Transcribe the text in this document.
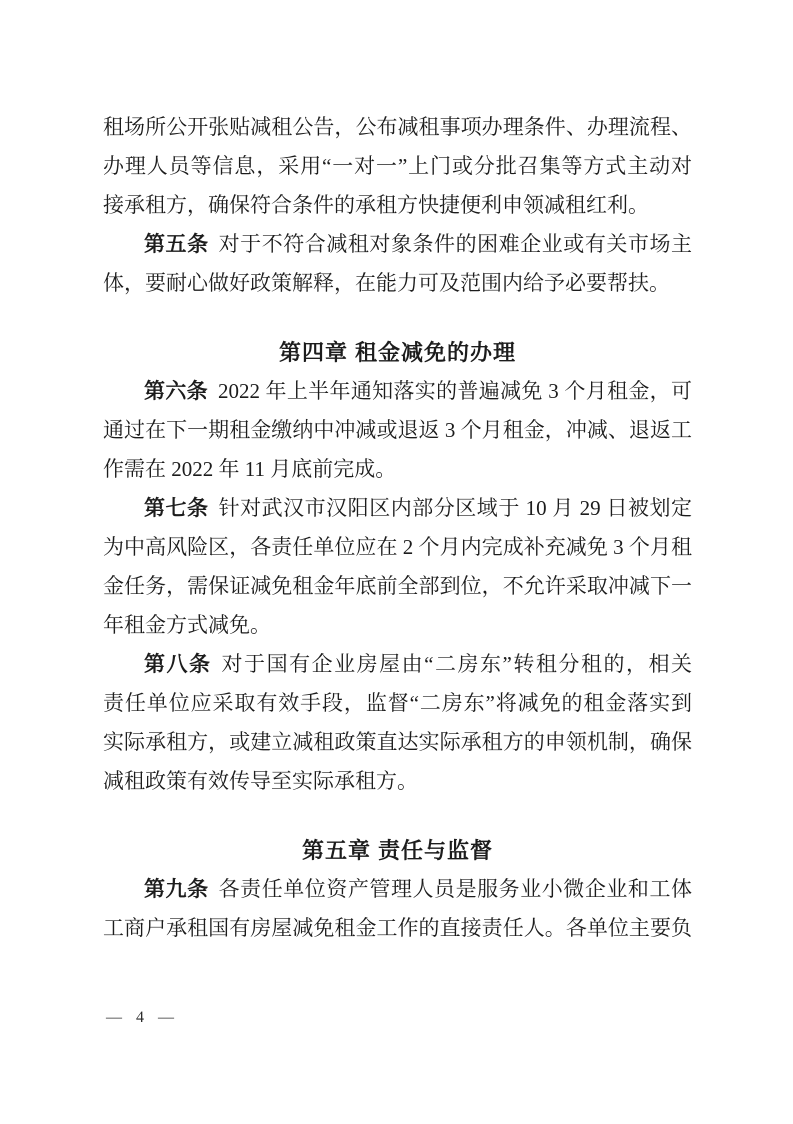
租场所公开张贴减租公告，公布减租事项办理条件、办理流程、
办理人员等信息，采用“一对一”上门或分批召集等方式主动对
接承租方，确保符合条件的承租方快捷便利申领减租红利。
第五条 对于不符合减租对象条件的困难企业或有关市场主
体，要耐心做好政策解释，在能力可及范围内给予必要帮扶。
第四章 租金减免的办理
第六条 2022 年上半年通知落实的普遍减免 3 个月租金，可
通过在下一期租金缴纳中冲减或退返 3 个月租金，冲减、退返工
作需在 2022 年 11 月底前完成。
第七条 针对武汉市汉阳区内部分区域于 10 月 29 日被划定
为中高风险区，各责任单位应在 2 个月内完成补充减免 3 个月租
金任务，需保证减免租金年底前全部到位，不允许采取冲减下一
年租金方式减免。
第八条 对于国有企业房屋由“二房东”转租分租的，相关
责任单位应采取有效手段，监督“二房东”将减免的租金落实到
实际承租方，或建立减租政策直达实际承租方的申领机制，确保
减租政策有效传导至实际承租方。
第五章 责任与监督
第九条 各责任单位资产管理人员是服务业小微企业和工体
工商户承租国有房屋减免租金工作的直接责任人。各单位主要负
— 4 —
